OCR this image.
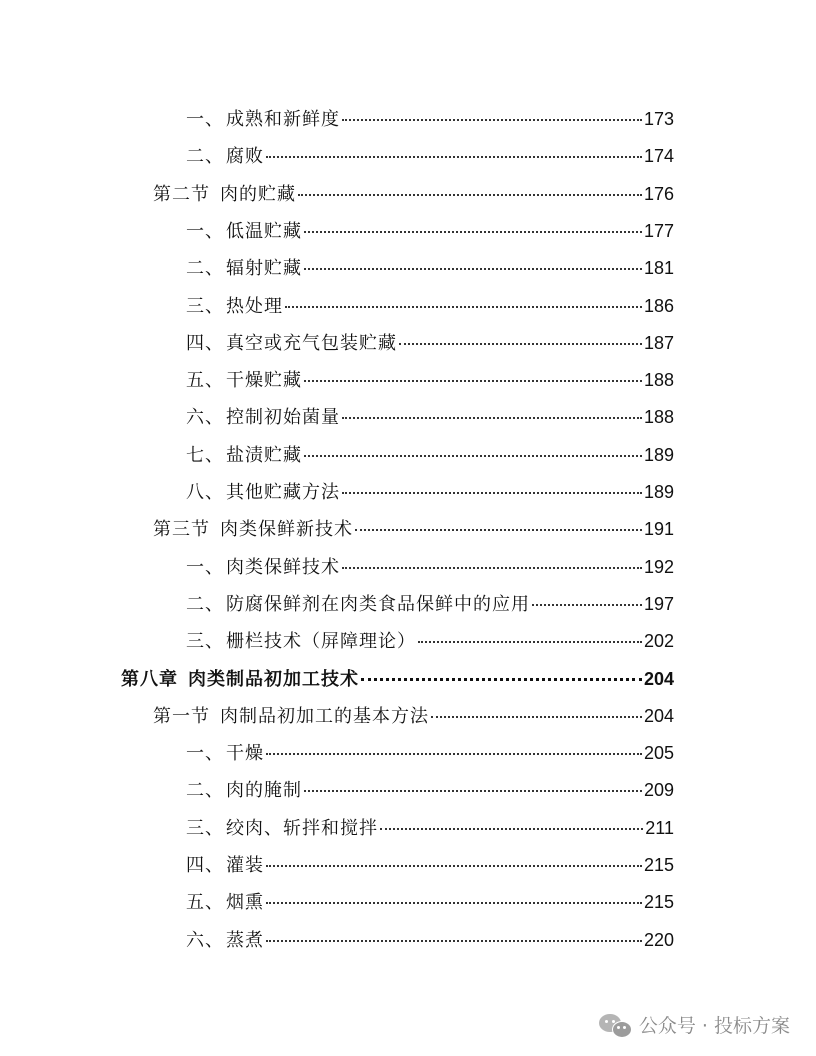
一、 成熟和新鲜度	173
二、 腐败	174
第二节 肉的贮藏	176
一、 低温贮藏	177
二、 辐射贮藏	181
三、 热处理	186
四、 真空或充气包装贮藏	187
五、 干燥贮藏	188
六、 控制初始菌量	188
七、 盐渍贮藏	189
八、 其他贮藏方法	189
第三节 肉类保鲜新技术	191
一、 肉类保鲜技术	192
二、 防腐保鲜剂在肉类食品保鲜中的应用	197
三、 栅栏技术（屏障理论）	202
第八章 肉类制品初加工技术	204
第一节 肉制品初加工的基本方法	204
一、 干燥	205
二、 肉的腌制	209
三、 绞肉、斩拌和搅拌	211
四、 灌装	215
五、 烟熏	215
六、 蒸煮	220
公众号 · 投标方案
